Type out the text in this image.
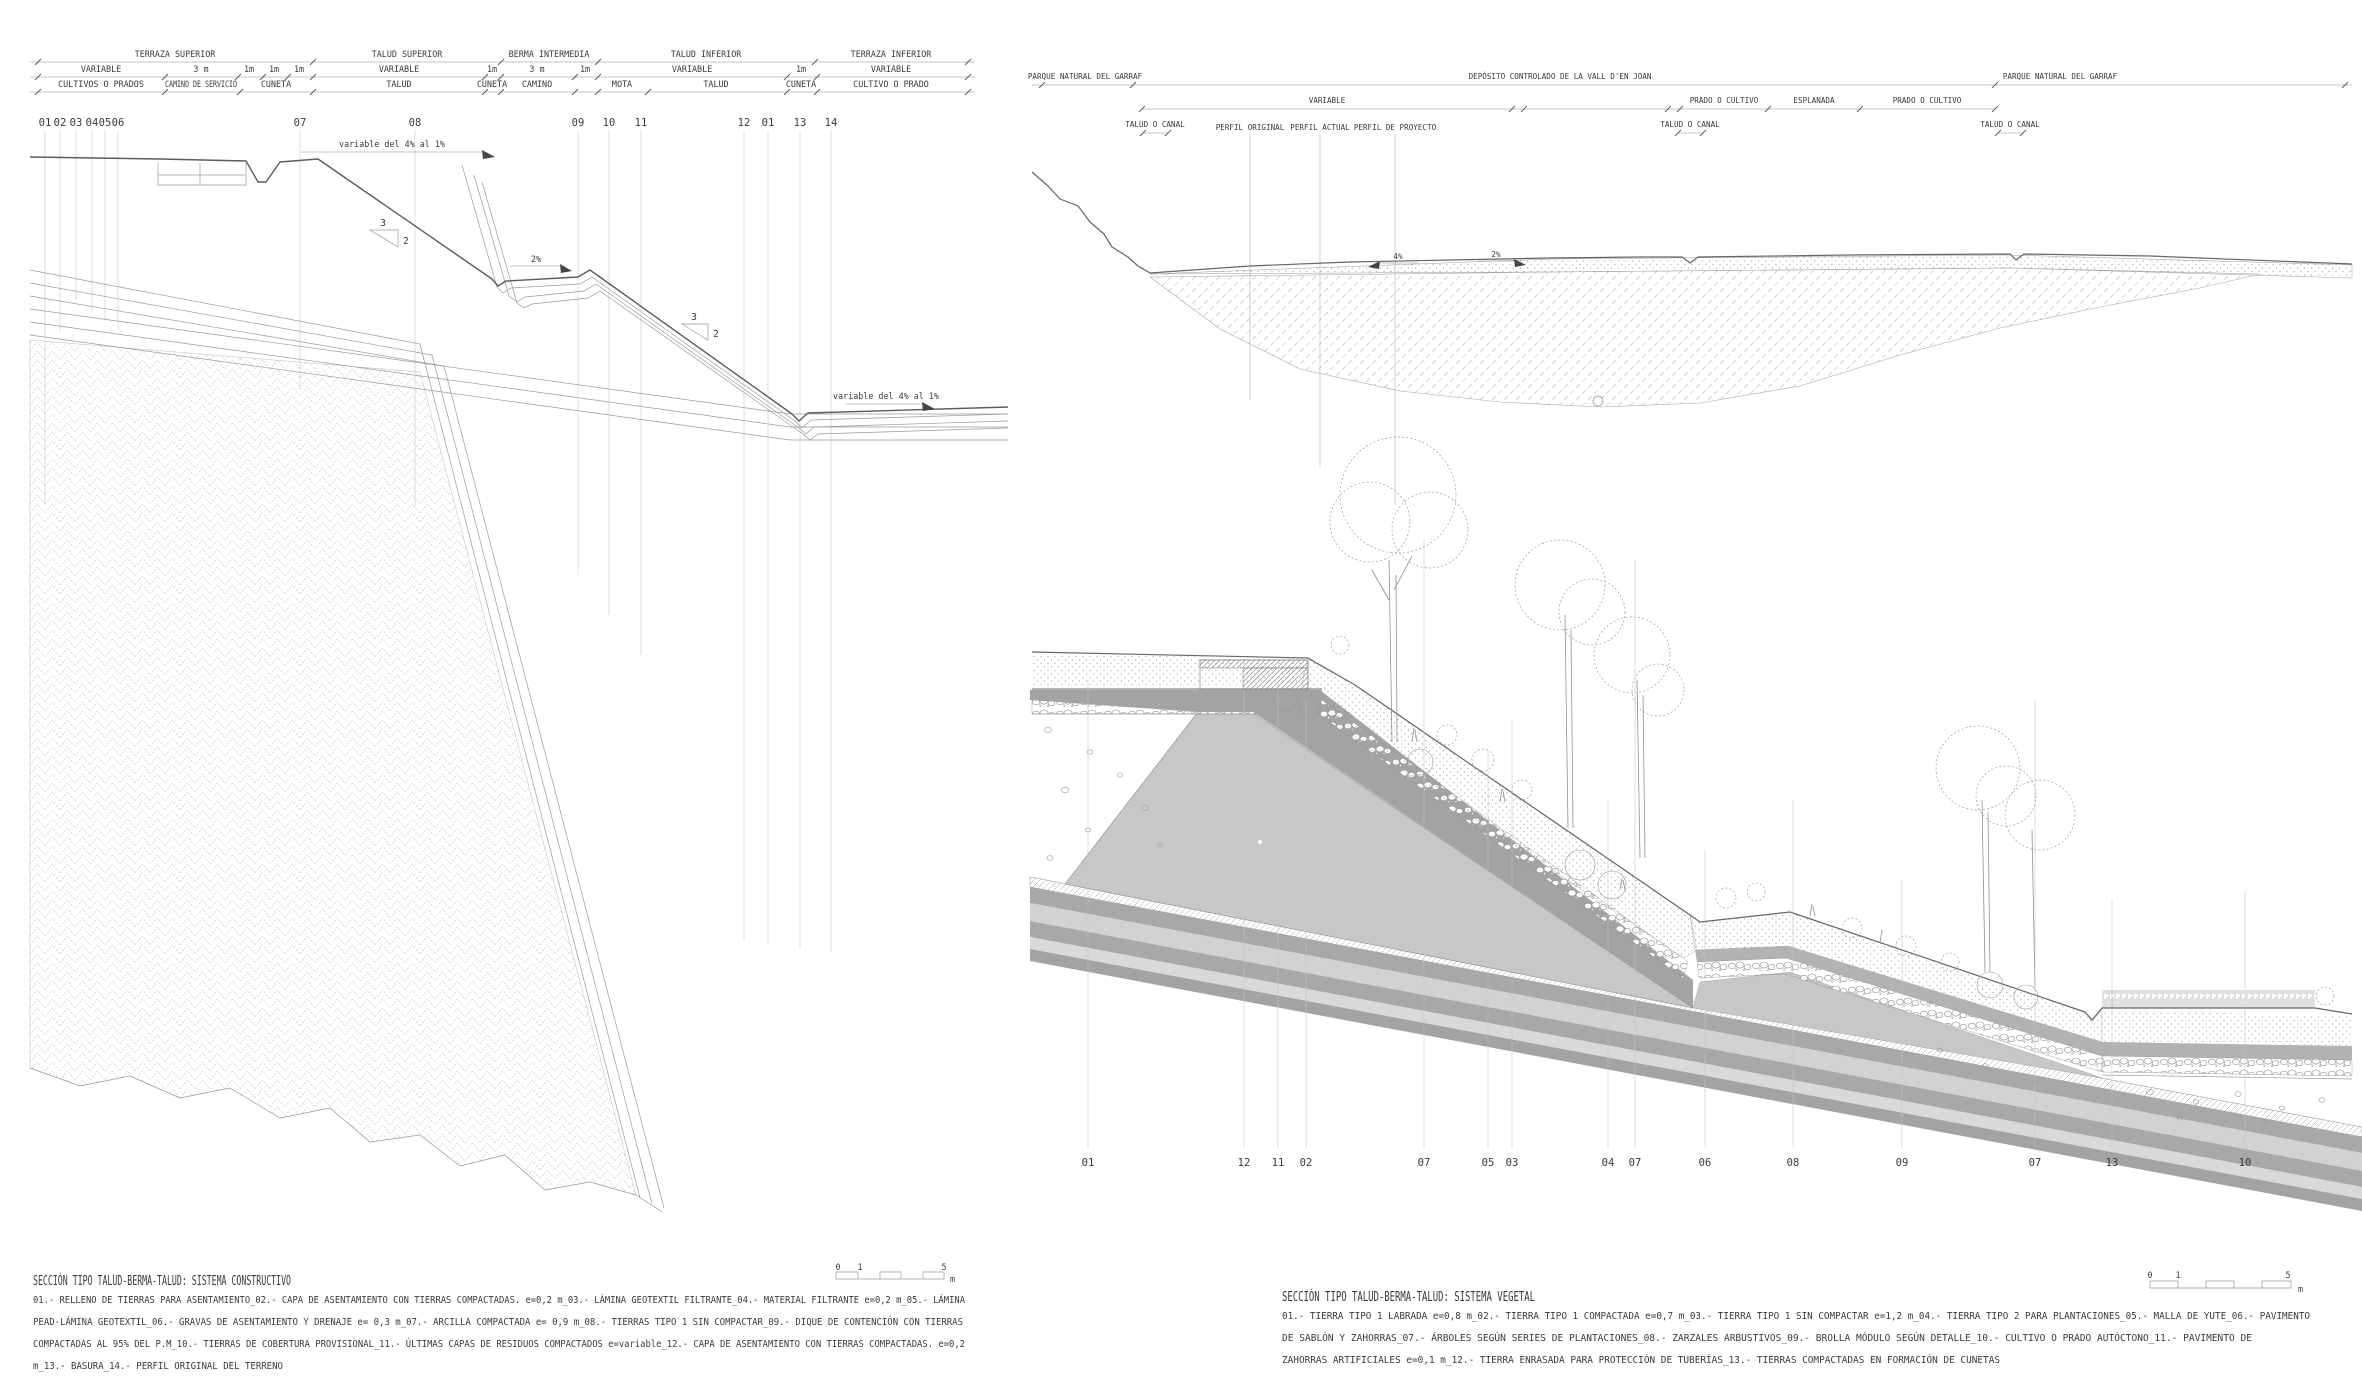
TERRAZA SUPERIOR	TALUD SUPERIOR	BERMA INTERMEDIA	TALUD INFERIOR	TERRAZA INFERIOR
VARIABLE	3 m	1m 1m 1m	VARIABLE	1m	3 m	1m	VARIABLE	1m	VARIABLE
CULTIVOS O PRADOS	CAMINO DE SERVICIO	CUNETA	TALUD	CUNETA CAMINO	MOTA	TALUD	CUNETA	CULTIVO O PRADO
01 02 03 04 05 06	07	08	09 10 11	12 01 13 14
variable del 4% al 1%
variable del 4% al 1%
2%
3
2
3
2
0 1	5
m
SECCIÓN TIPO TALUD-BERMA-TALUD: SISTEMA CONSTRUCTIVO
01.- RELLENO DE TIERRAS PARA ASENTAMIENTO_02.- CAPA DE ASENTAMIENTO CON TIERRAS COMPACTADAS. e=0,2 m_03.- LÁMINA GEOTEXTIL FILTRANTE_04.- MATERIAL FILTRANTE e=0,2 m_05.- LÁMINA
PEAD-LÁMINA GEOTEXTIL_06.- GRAVAS DE ASENTAMIENTO Y DRENAJE e= 0,3 m_07.- ARCILLA COMPACTADA e= 0,9 m_08.- TIERRAS TIPO 1 SIN COMPACTAR_09.- DIQUE DE CONTENCIÓN CON TIERRAS
COMPACTADAS AL 95% DEL P.M_10.- TIERRAS DE COBERTURA PROVISIONAL_11.- ÚLTIMAS CAPAS DE RESIDUOS COMPACTADOS e=variable_12.- CAPA DE ASENTAMIENTO CON TIERRAS COMPACTADAS. e=0,2
m_13.- BASURA_14.- PERFIL ORIGINAL DEL TERRENO
PARQUE NATURAL DEL GARRAF	DEPÓSITO CONTROLADO DE LA VALL D'EN JOAN	PARQUE NATURAL DEL GARRAF
VARIABLE	PRADO O CULTIVO	ESPLANADA	PRADO O CULTIVO
TALUD O CANAL	PERFIL ORIGINAL PERFIL ACTUAL PERFIL DE PROYECTO	TALUD O CANAL	TALUD O CANAL
4%	2%
01	12 11 02	07	05 03	04 07	06	08	09	07	13	10
0	1	5
m
SECCIÓN TIPO TALUD-BERMA-TALUD: SISTEMA VEGETAL
01.- TIERRA TIPO 1 LABRADA e=0,8 m_02.- TIERRA TIPO 1 COMPACTADA e=0,7 m_03.- TIERRA TIPO 1 SIN COMPACTAR e=1,2 m_04.- TIERRA TIPO 2 PARA PLANTACIONES_05.- MALLA DE YUTE_06.- PAVIMENTO
DE SABLÓN Y ZAHORRAS_07.- ÁRBOLES SEGÚN SERIES DE PLANTACIONES_08.- ZARZALES ARBUSTIVOS_09.- BROLLA MÓDULO SEGÚN DETALLE_10.- CULTIVO O PRADO AUTÓCTONO_11.- PAVIMENTO DE
ZAHORRAS ARTIFICIALES e=0,1 m_12.- TIERRA ENRASADA PARA PROTECCIÓN DE TUBERÍAS_13.- TIERRAS COMPACTADAS EN FORMACIÓN DE CUNETAS
